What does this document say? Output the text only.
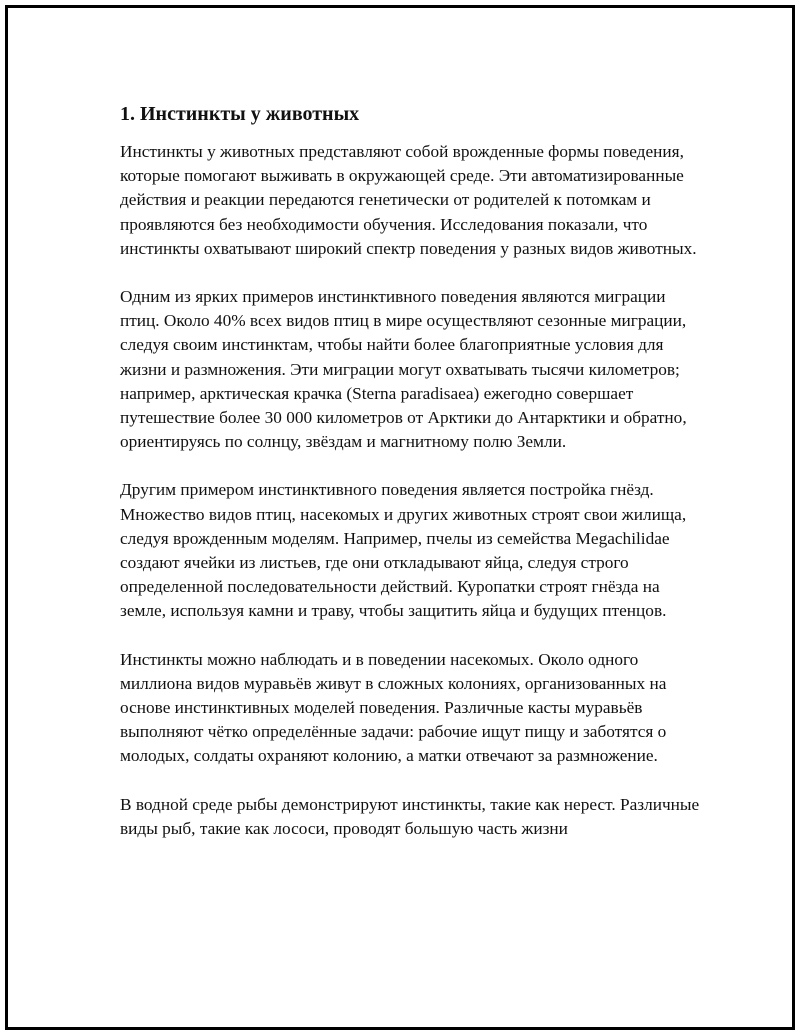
1. Инстинкты у животных

Инстинкты у животных представляют собой врожденные формы поведения, которые помогают выживать в окружающей среде. Эти автоматизированные действия и реакции передаются генетически от родителей к потомкам и проявляются без необходимости обучения. Исследования показали, что инстинкты охватывают широкий спектр поведения у разных видов животных.

Одним из ярких примеров инстинктивного поведения являются миграции птиц. Около 40% всех видов птиц в мире осуществляют сезонные миграции, следуя своим инстинктам, чтобы найти более благоприятные условия для жизни и размножения. Эти миграции могут охватывать тысячи километров; например, арктическая крачка (Sterna paradisaea) ежегодно совершает путешествие более 30 000 километров от Арктики до Антарктики и обратно, ориентируясь по солнцу, звёздам и магнитному полю Земли.

Другим примером инстинктивного поведения является постройка гнёзд. Множество видов птиц, насекомых и других животных строят свои жилища, следуя врожденным моделям. Например, пчелы из семейства Megachilidae создают ячейки из листьев, где они откладывают яйца, следуя строго определенной последовательности действий. Куропатки строят гнёзда на земле, используя камни и траву, чтобы защитить яйца и будущих птенцов.

Инстинкты можно наблюдать и в поведении насекомых. Около одного миллиона видов муравьёв живут в сложных колониях, организованных на основе инстинктивных моделей поведения. Различные касты муравьёв выполняют чётко определённые задачи: рабочие ищут пищу и заботятся о молодых, солдаты охраняют колонию, а матки отвечают за размножение.

В водной среде рыбы демонстрируют инстинкты, такие как нерест. Различные виды рыб, такие как лососи, проводят большую часть жизни
